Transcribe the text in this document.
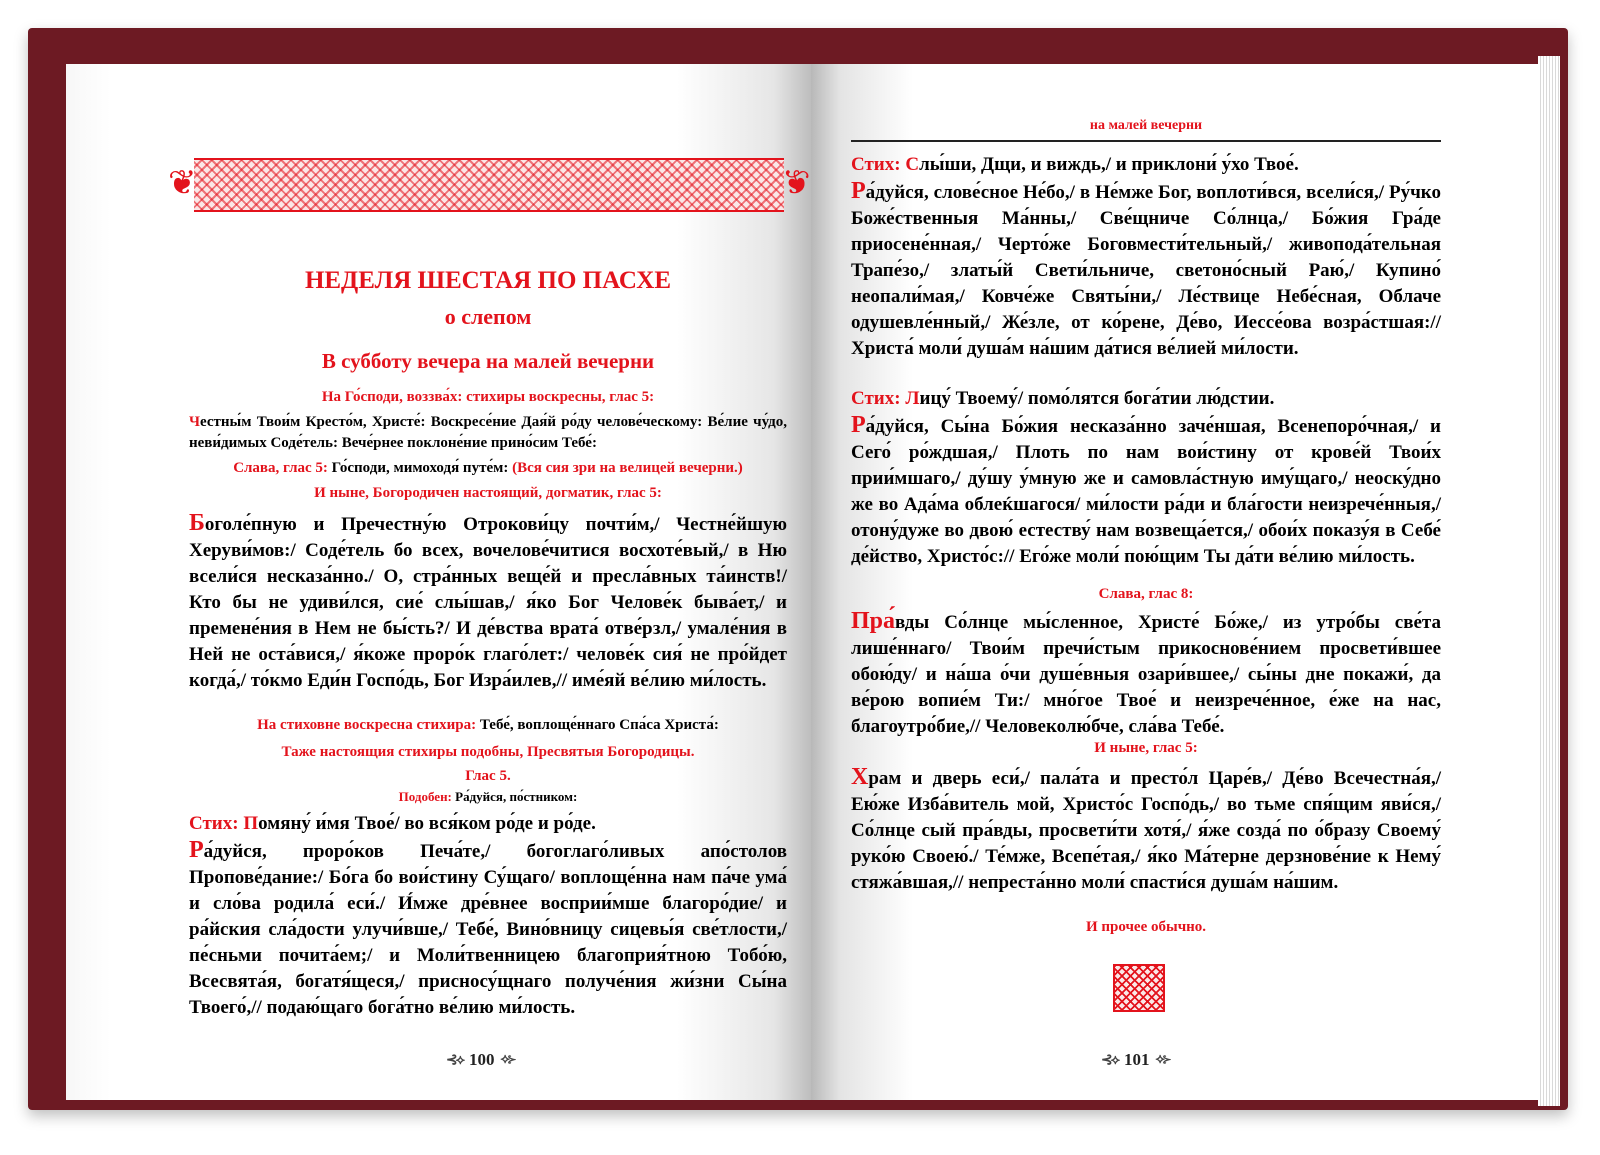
❦ ❦
НЕДЕЛЯ ШЕСТАЯ ПО ПАСХЕ
о слепом
В субботу вечера на малей вечерни
На Го́споди, воззва́х: стихиры воскресны, глас 5:

Честны́м Твои́м Кресто́м, Христе́: Воскресе́ние Дая́й ро́ду челове́ческому: Ве́лие чу́до, неви́димых Соде́тель: Вече́рнее поклоне́ние прино́сим Тебе́:

Слава, глас 5: Го́споди, мимоходя́ путе́м: (Вся сия зри на велицей вечерни.)
И ныне, Богородичен настоящий, догматик, глас 5:

Боголе́пную и Пречестну́ю Отрокови́цу почти́м,/ Честне́йшую Херуви́мов:/ Соде́тель бо всех, вочелове́читися восхоте́вый,/ в Ню всели́ся несказа́нно./ О, стра́нных веще́й и пресла́вных та́инств!/ Кто бы не удиви́лся, сие́ слы́шав,/ я́ко Бог Челове́к быва́ет,/ и премене́ния в Нем не бы́сть?/ И де́вства врата́ отве́рзл,/ умале́ния в Ней не оста́вися,/ я́коже проро́к глаго́лет:/ челове́к сия́ не про́йдет когда́,/ то́кмо Еди́н Госпо́дь, Бог Изра́илев,// име́яй ве́лию ми́лость.

На стиховне воскресна стихира: Тебе́, воплоще́ннаго Спа́са Христа́:
Таже настоящия стихиры подобны, Пресвятыя Богородицы.
Глас 5.
Подобен: Ра́дуйся, по́стником:

Стих: Помяну́ и́мя Твое́/ во вся́ком ро́де и ро́де.

Ра́дуйся, проро́ков Печа́те,/ богоглаго́ливых апо́столов Пропове́дание:/ Бо́га бо вои́стину Су́щаго/ воплоще́нна нам па́че ума́ и сло́ва родила́ еси́./ И́мже дре́внее восприи́мше благоро́дие/ и ра́йския сла́дости улучи́вше,/ Тебе́, Вино́вницу сицевы́я све́тлости,/ пе́сньми почита́ем;/ и Моли́твенницею благоприя́тною Тобо́ю, Всесвята́я, богатя́щеся,/ присносу́щнаго получе́ния жи́зни Сы́на Твоего́,// подаю́щаго бога́тно ве́лию ми́лость.

⊰⟡ 100 ⟡⊱
на малей вечерни

Стих: Слы́ши, Дщи, и виждь,/ и приклони́ у́хо Твое́.

Ра́дуйся, слове́сное Не́бо,/ в Не́мже Бог, воплоти́вся, всели́ся,/ Ру́чко Боже́ственныя Ма́нны,/ Све́щниче Со́лнца,/ Бо́жия Гра́де приосене́нная,/ Черто́же Боговмести́тельный,/ живопода́тельная Трапе́зо,/ златы́й Свети́льниче, светоно́сный Раю́,/ Купино́ неопали́мая,/ Ковче́же Святы́ни,/ Ле́ствице Небе́сная, Облаче одушевле́нный,/ Же́зле, от ко́рене, Де́во, Иессе́ова возра́стшая:// Христа́ моли́ душа́м на́шим да́тися ве́лией ми́лости.

Стих: Лицу́ Твоему́/ помо́лятся бога́тии лю́дстии.

Ра́дуйся, Сы́на Бо́жия несказа́нно заче́ншая, Всенепоро́чная,/ и Сего́ ро́ждшая,/ Плоть по нам вои́стину от крове́й Твои́х прии́мшаго,/ ду́шу у́мную же и самовла́стную иму́щаго,/ неоску́дно же во Ада́ма облеќшагося/ ми́лости ра́ди и бла́гости неизрече́нныя,/ отону́дуже во двою́ естеству́ нам возвеща́ется,/ обои́х показу́я в Себе́ де́йство, Христо́с:// Его́же моли́ пою́щим Ты да́ти ве́лию ми́лость.

Слава, глас 8:

Пра́вды Со́лнце мы́сленное, Христе́ Бо́же,/ из утро́бы све́та лише́ннаго/ Твои́м пречи́стым прикоснове́нием просвети́вшее обою́ду/ и на́ша о́чи душе́вныя озари́вшее,/ сы́ны дне покажи́, да ве́рою вопие́м Ти:/ мно́гое Твое́ и неизрече́нное, е́же на нас, благоутро́бие,// Человеколю́бче, сла́ва Тебе́.

И ныне, глас 5:

Храм и дверь еси́,/ пала́та и престо́л Царе́в,/ Де́во Всечестна́я,/ Ею́же Изба́витель мой, Христо́с Госпо́дь,/ во тьме спя́щим яви́ся,/ Со́лнце сый пра́вды, просвети́ти хотя́,/ я́же созда́ по о́бразу Своему́ руко́ю Своею́./ Те́мже, Всепе́тая,/ я́ко Ма́терне дерзнове́ние к Нему́ стяжа́вшая,// непреста́нно моли́ спасти́ся душа́м на́шим.

И прочее обычно.
⊰⟡ 101 ⟡⊱
